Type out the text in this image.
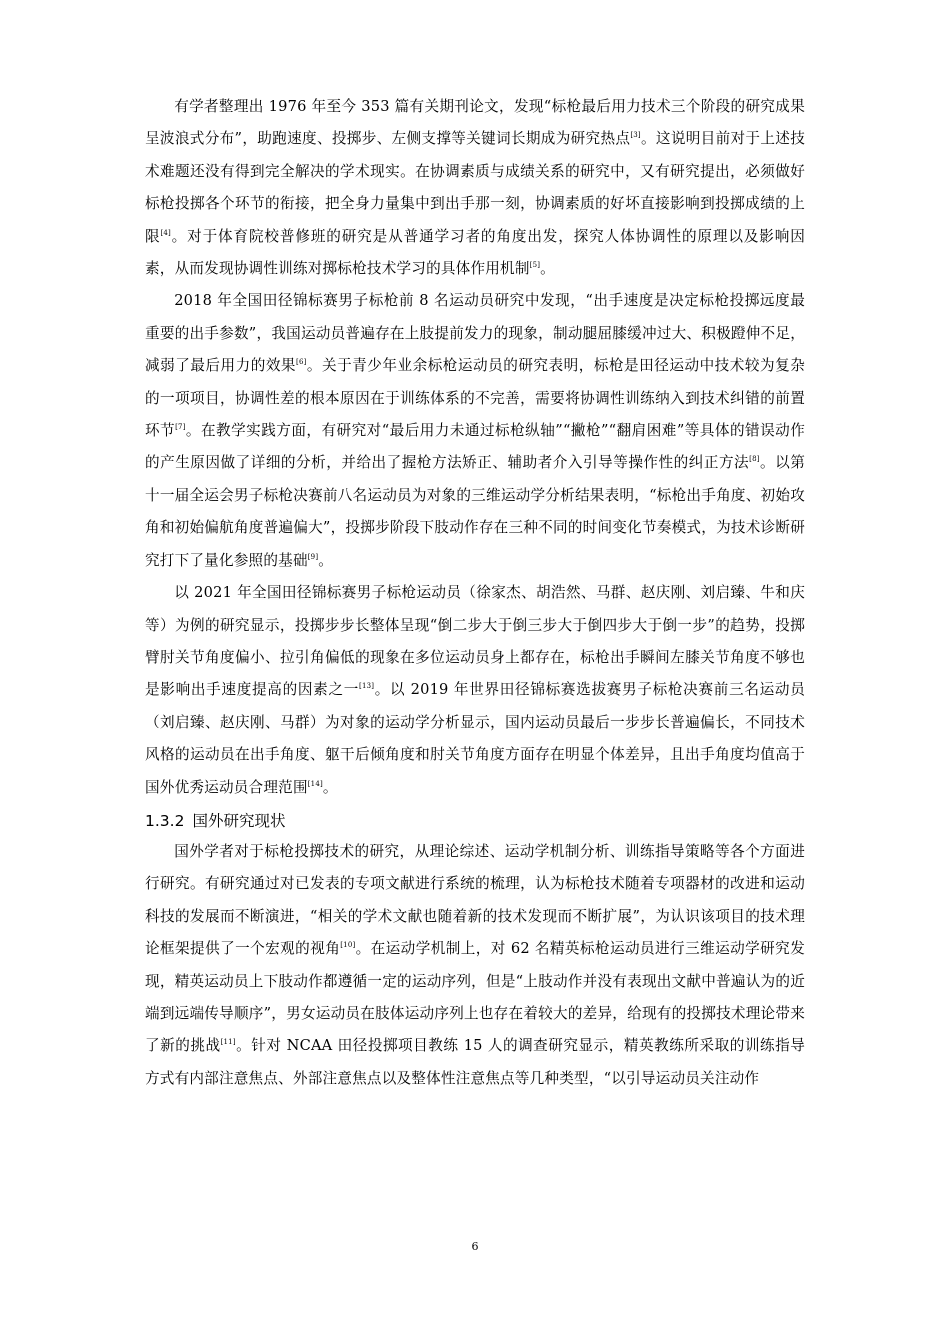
有学者整理出 1976 年至今 353 篇有关期刊论文，发现“标枪最后用力技术三个阶段的研究成果呈波浪式分布”，助跑速度、投掷步、左侧支撑等关键词长期成为研究热点[3]。这说明目前对于上述技术难题还没有得到完全解决的学术现实。在协调素质与成绩关系的研究中，又有研究提出，必须做好标枪投掷各个环节的衔接，把全身力量集中到出手那一刻，协调素质的好坏直接影响到投掷成绩的上限[4]。对于体育院校普修班的研究是从普通学习者的角度出发，探究人体协调性的原理以及影响因素，从而发现协调性训练对掷标枪技术学习的具体作用机制[5]。

2018 年全国田径锦标赛男子标枪前 8 名运动员研究中发现，“出手速度是决定标枪投掷远度最重要的出手参数”，我国运动员普遍存在上肢提前发力的现象，制动腿屈膝缓冲过大、积极蹬伸不足，减弱了最后用力的效果[6]。关于青少年业余标枪运动员的研究表明，标枪是田径运动中技术较为复杂的一项项目，协调性差的根本原因在于训练体系的不完善，需要将协调性训练纳入到技术纠错的前置环节[7]。在教学实践方面，有研究对“最后用力未通过标枪纵轴”“撇枪”“翻肩困难”等具体的错误动作的产生原因做了详细的分析，并给出了握枪方法矫正、辅助者介入引导等操作性的纠正方法[8]。以第十一届全运会男子标枪决赛前八名运动员为对象的三维运动学分析结果表明，“标枪出手角度、初始攻角和初始偏航角度普遍偏大”，投掷步阶段下肢动作存在三种不同的时间变化节奏模式，为技术诊断研究打下了量化参照的基础[9]。

以 2021 年全国田径锦标赛男子标枪运动员（徐家杰、胡浩然、马群、赵庆刚、刘启臻、牛和庆等）为例的研究显示，投掷步步长整体呈现“倒二步大于倒三步大于倒四步大于倒一步”的趋势，投掷臂肘关节角度偏小、拉引角偏低的现象在多位运动员身上都存在，标枪出手瞬间左膝关节角度不够也是影响出手速度提高的因素之一[13]。以 2019 年世界田径锦标赛选拔赛男子标枪决赛前三名运动员（刘启臻、赵庆刚、马群）为对象的运动学分析显示，国内运动员最后一步步长普遍偏长，不同技术风格的运动员在出手角度、躯干后倾角度和肘关节角度方面存在明显个体差异，且出手角度均值高于国外优秀运动员合理范围[14]。

1.3.2 国外研究现状

国外学者对于标枪投掷技术的研究，从理论综述、运动学机制分析、训练指导策略等各个方面进行研究。有研究通过对已发表的专项文献进行系统的梳理，认为标枪技术随着专项器材的改进和运动科技的发展而不断演进，“相关的学术文献也随着新的技术发现而不断扩展”，为认识该项目的技术理论框架提供了一个宏观的视角[10]。在运动学机制上，对 62 名精英标枪运动员进行三维运动学研究发现，精英运动员上下肢动作都遵循一定的运动序列，但是“上肢动作并没有表现出文献中普遍认为的近端到远端传导顺序”，男女运动员在肢体运动序列上也存在着较大的差异，给现有的投掷技术理论带来了新的挑战[11]。针对 NCAA 田径投掷项目教练 15 人的调查研究显示，精英教练所采取的训练指导方式有内部注意焦点、外部注意焦点以及整体性注意焦点等几种类型，“以引导运动员关注动作

6
